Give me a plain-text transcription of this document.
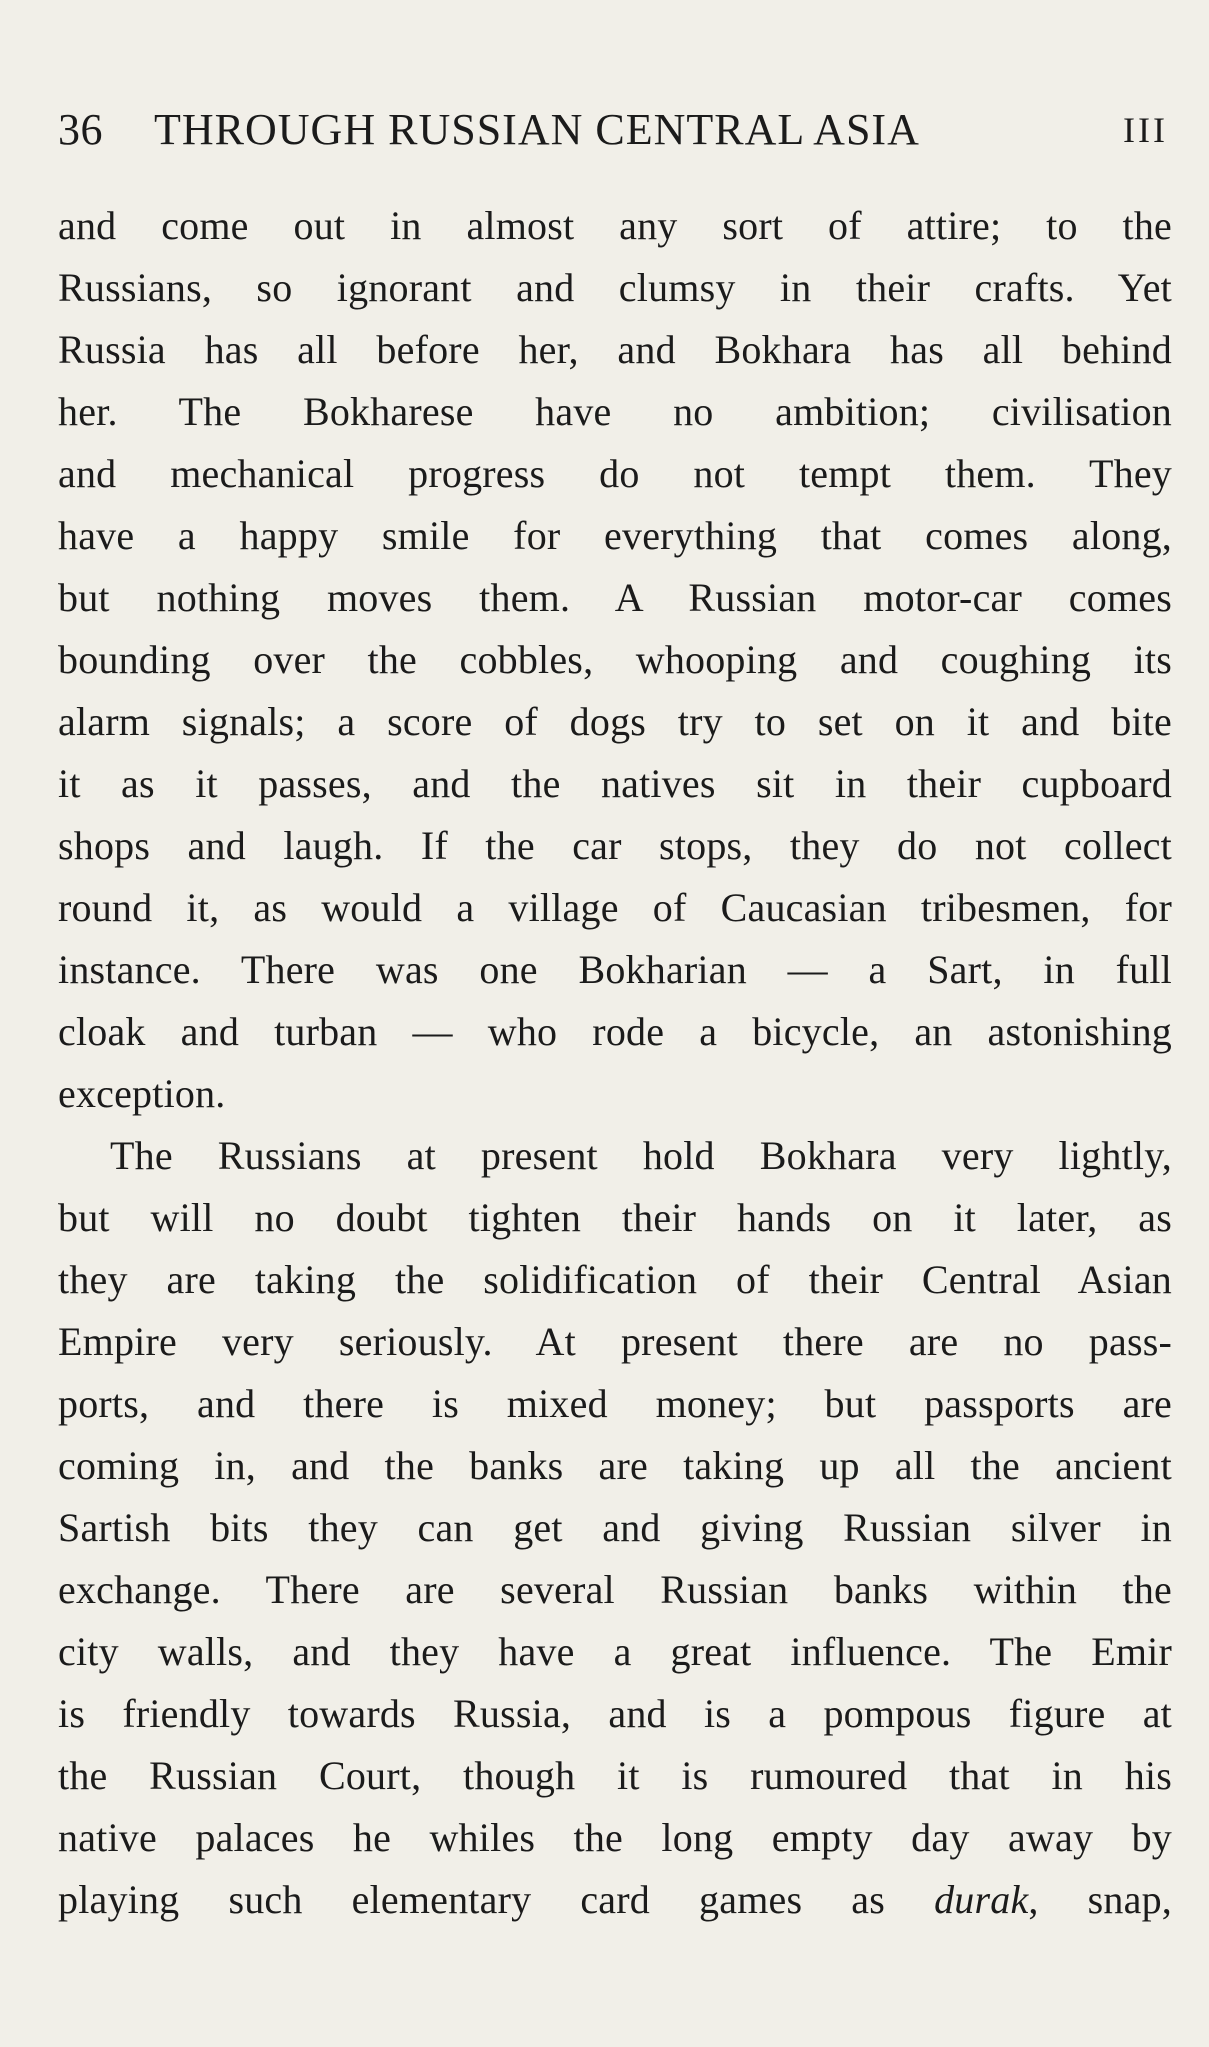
36 THROUGH RUSSIAN CENTRAL ASIA	III
and come out in almost any sort of attire; to the
Russians, so ignorant and clumsy in their crafts. Yet
Russia has all before her, and Bokhara has all behind
her. The Bokharese have no ambition; civilisation
and mechanical progress do not tempt them. They
have a happy smile for everything that comes along,
but nothing moves them. A Russian motor-car comes
bounding over the cobbles, whooping and coughing its
alarm signals; a score of dogs try to set on it and bite
it as it passes, and the natives sit in their cupboard
shops and laugh. If the car stops, they do not collect
round it, as would a village of Caucasian tribesmen, for
instance. There was one Bokharian — a Sart, in full
cloak and turban — who rode a bicycle, an astonishing
exception.
The Russians at present hold Bokhara very lightly,
but will no doubt tighten their hands on it later, as
they are taking the solidification of their Central Asian
Empire very seriously. At present there are no pass-
ports, and there is mixed money; but passports are
coming in, and the banks are taking up all the ancient
Sartish bits they can get and giving Russian silver in
exchange. There are several Russian banks within the
city walls, and they have a great influence. The Emir
is friendly towards Russia, and is a pompous figure at
the Russian Court, though it is rumoured that in his
native palaces he whiles the long empty day away by
playing such elementary card games as durak, snap,
